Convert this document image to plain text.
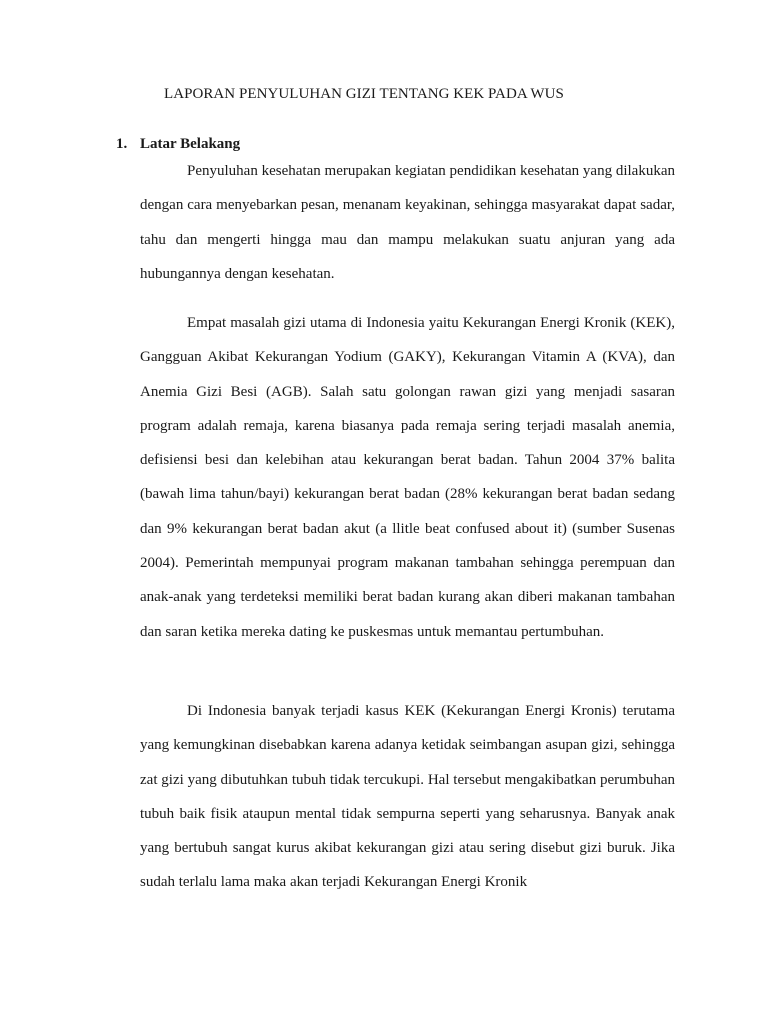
LAPORAN PENYULUHAN GIZI TENTANG KEK PADA WUS
1. Latar Belakang

Penyuluhan kesehatan merupakan kegiatan pendidikan kesehatan yang dilakukan dengan cara menyebarkan pesan, menanam keyakinan, sehingga masyarakat dapat sadar, tahu dan mengerti hingga mau dan mampu melakukan suatu anjuran yang ada hubungannya dengan kesehatan.

Empat masalah gizi utama di Indonesia yaitu Kekurangan Energi Kronik (KEK), Gangguan Akibat Kekurangan Yodium (GAKY), Kekurangan Vitamin A (KVA), dan Anemia Gizi Besi (AGB). Salah satu golongan rawan gizi yang menjadi sasaran program adalah remaja, karena biasanya pada remaja sering terjadi masalah anemia, defisiensi besi dan kelebihan atau kekurangan berat badan. Tahun 2004 37% balita (bawah lima tahun/bayi) kekurangan berat badan (28% kekurangan berat badan sedang dan 9% kekurangan berat badan akut (a llitle beat confused about it) (sumber Susenas 2004). Pemerintah mempunyai program makanan tambahan sehingga perempuan dan anak-anak yang terdeteksi memiliki berat badan kurang akan diberi makanan tambahan dan saran ketika mereka dating ke puskesmas untuk memantau pertumbuhan.

Di Indonesia banyak terjadi kasus KEK (Kekurangan Energi Kronis) terutama yang kemungkinan disebabkan karena adanya ketidak seimbangan asupan gizi, sehingga zat gizi yang dibutuhkan tubuh tidak tercukupi. Hal tersebut mengakibatkan perumbuhan tubuh baik fisik ataupun mental tidak sempurna seperti yang seharusnya. Banyak anak yang bertubuh sangat kurus akibat kekurangan gizi atau sering disebut gizi buruk. Jika sudah terlalu lama maka akan terjadi Kekurangan Energi Kronik
